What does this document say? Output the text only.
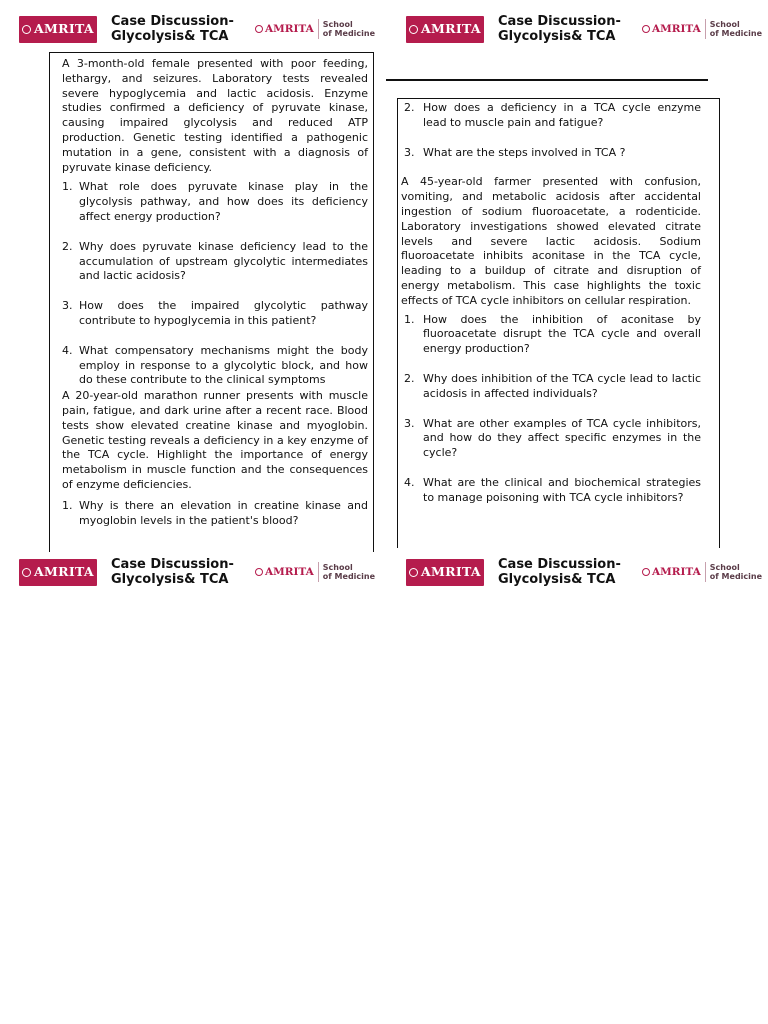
AMRITA Case Discussion- Glycolysis& TCA
AMRITA School
of Medicine	AMRITA Case Discussion- Glycolysis& TCA
AMRITA School
of Medicine
AMRITA Case Discussion- Glycolysis& TCA
AMRITA School
of Medicine	AMRITA Case Discussion- Glycolysis& TCA
AMRITA School
of Medicine

A 3-month-old female presented with poor feeding, lethargy, and seizures. Laboratory tests revealed severe hypoglycemia and lactic acidosis. Enzyme studies confirmed a deficiency of pyruvate kinase, causing impaired glycolysis and reduced ATP production. Genetic testing identified a pathogenic mutation in a gene, consistent with a diagnosis of pyruvate kinase deficiency.

1. What role does pyruvate kinase play in the glycolysis pathway, and how does its deficiency affect energy production?
2. Why does pyruvate kinase deficiency lead to the accumulation of upstream glycolytic intermediates and lactic acidosis?
3. How does the impaired glycolytic pathway contribute to hypoglycemia in this patient?
4. What compensatory mechanisms might the body employ in response to a glycolytic block, and how do these contribute to the clinical symptoms

A 20-year-old marathon runner presents with muscle pain, fatigue, and dark urine after a recent race. Blood tests show elevated creatine kinase and myoglobin. Genetic testing reveals a deficiency in a key enzyme of the TCA cycle. Highlight the importance of energy metabolism in muscle function and the consequences of enzyme deficiencies.

1. Why is there an elevation in creatine kinase and myoglobin levels in the patient's blood?
2. How does a deficiency in a TCA cycle enzyme lead to muscle pain and fatigue?
3. What are the steps involved in TCA ?

A 45-year-old farmer presented with confusion, vomiting, and metabolic acidosis after accidental ingestion of sodium fluoroacetate, a rodenticide. Laboratory investigations showed elevated citrate levels and severe lactic acidosis. Sodium fluoroacetate inhibits aconitase in the TCA cycle, leading to a buildup of citrate and disruption of energy metabolism. This case highlights the toxic effects of TCA cycle inhibitors on cellular respiration.

1. How does the inhibition of aconitase by fluoroacetate disrupt the TCA cycle and overall energy production?
2. Why does inhibition of the TCA cycle lead to lactic acidosis in affected individuals?
3. What are other examples of TCA cycle inhibitors, and how do they affect specific enzymes in the cycle?
4. What are the clinical and biochemical strategies to manage poisoning with TCA cycle inhibitors?
